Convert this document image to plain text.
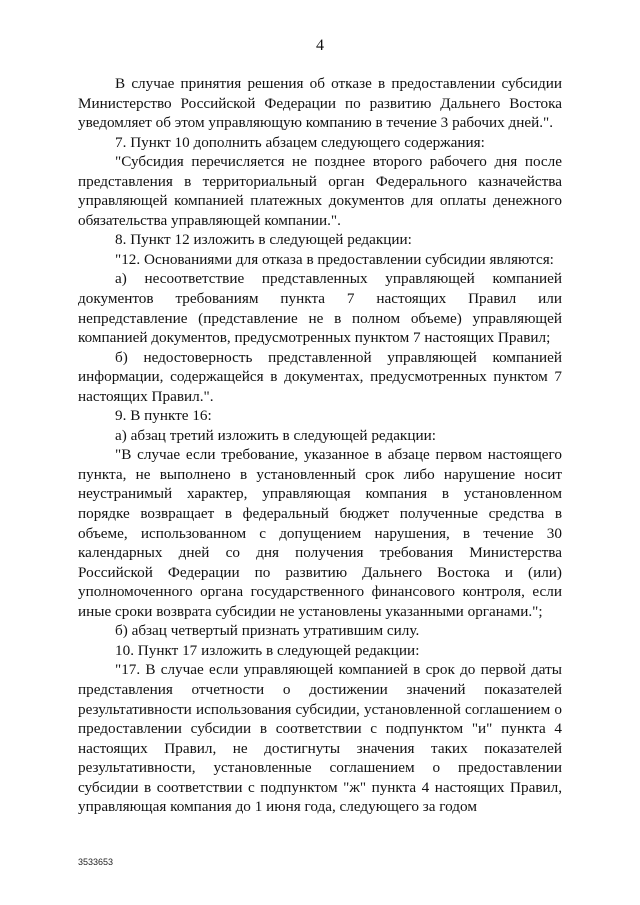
4

В случае принятия решения об отказе в предоставлении субсидии Министерство Российской Федерации по развитию Дальнего Востока уведомляет об этом управляющую компанию в течение 3 рабочих дней.".

7. Пункт 10 дополнить абзацем следующего содержания:

"Субсидия перечисляется не позднее второго рабочего дня после представления в территориальный орган Федерального казначейства управляющей компанией платежных документов для оплаты денежного обязательства управляющей компании.".

8. Пункт 12 изложить в следующей редакции:

"12. Основаниями для отказа в предоставлении субсидии являются:

а) несоответствие представленных управляющей компанией документов требованиям пункта 7 настоящих Правил или непредставление (представление не в полном объеме) управляющей компанией документов, предусмотренных пунктом 7 настоящих Правил;

б) недостоверность представленной управляющей компанией информации, содержащейся в документах, предусмотренных пунктом 7 настоящих Правил.".

9. В пункте 16:

а) абзац третий изложить в следующей редакции:

"В случае если требование, указанное в абзаце первом настоящего пункта, не выполнено в установленный срок либо нарушение носит неустранимый характер, управляющая компания в установленном порядке возвращает в федеральный бюджет полученные средства в объеме, использованном с допущением нарушения, в течение 30 календарных дней со дня получения требования Министерства Российской Федерации по развитию Дальнего Востока и (или) уполномоченного органа государственного финансового контроля, если иные сроки возврата субсидии не установлены указанными органами.";

б) абзац четвертый признать утратившим силу.

10. Пункт 17 изложить в следующей редакции:

"17. В случае если управляющей компанией в срок до первой даты представления отчетности о достижении значений показателей результативности использования субсидии, установленной соглашением о предоставлении субсидии в соответствии с подпунктом "и" пункта 4 настоящих Правил, не достигнуты значения таких показателей результативности, установленные соглашением о предоставлении субсидии в соответствии с подпунктом "ж" пункта 4 настоящих Правил, управляющая компания до 1 июня года, следующего за годом

3533653
